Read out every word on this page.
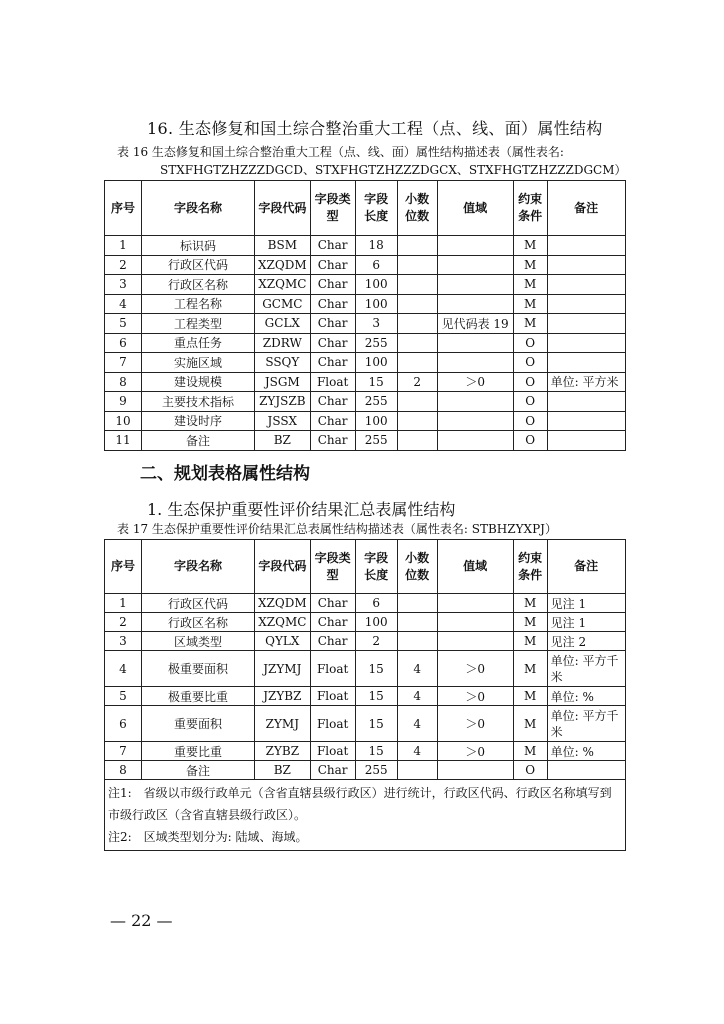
16. 生态修复和国土综合整治重大工程（点、线、面）属性结构
表 16 生态修复和国土综合整治重大工程（点、线、面）属性结构描述表（属性表名:
STXFHGTZHZZZDGCD、STXFHGTZHZZZDGCX、STXFHGTZHZZZDGCM）
序号	字段名称	字段代码	字段类型	字段长度	小数位数	值域	约束条件	备注
1	标识码	BSM	Char	18			M	
2	行政区代码	XZQDM	Char	6			M	
3	行政区名称	XZQMC	Char	100			M	
4	工程名称	GCMC	Char	100			M	
5	工程类型	GCLX	Char	3		见代码表 19	M	
6	重点任务	ZDRW	Char	255			O	
7	实施区域	SSQY	Char	100			O	
8	建设规模	JSGM	Float	15	2	＞0	O	单位: 平方米
9	主要技术指标	ZYJSZB	Char	255			O	
10	建设时序	JSSX	Char	100			O	
11	备注	BZ	Char	255			O	
二、规划表格属性结构
1. 生态保护重要性评价结果汇总表属性结构
表 17 生态保护重要性评价结果汇总表属性结构描述表（属性表名: STBHZYXPJ）
序号	字段名称	字段代码	字段类型	字段长度	小数位数	值域	约束条件	备注
1	行政区代码	XZQDM	Char	6			M	见注 1
2	行政区名称	XZQMC	Char	100			M	见注 1
3	区域类型	QYLX	Char	2			M	见注 2
4	极重要面积	JZYMJ	Float	15	4	＞0	M	单位: 平方千米
5	极重要比重	JZYBZ	Float	15	4	＞0	M	单位: %
6	重要面积	ZYMJ	Float	15	4	＞0	M	单位: 平方千米
7	重要比重	ZYBZ	Float	15	4	＞0	M	单位: %
8	备注	BZ	Char	255			O	

注1:　省级以市级行政单元（含省直辖县级行政区）进行统计，行政区代码、行政区名称填写到市级行政区（含省直辖县级行政区）。
注2:　区域类型划分为: 陆域、海域。								
— 22 —
